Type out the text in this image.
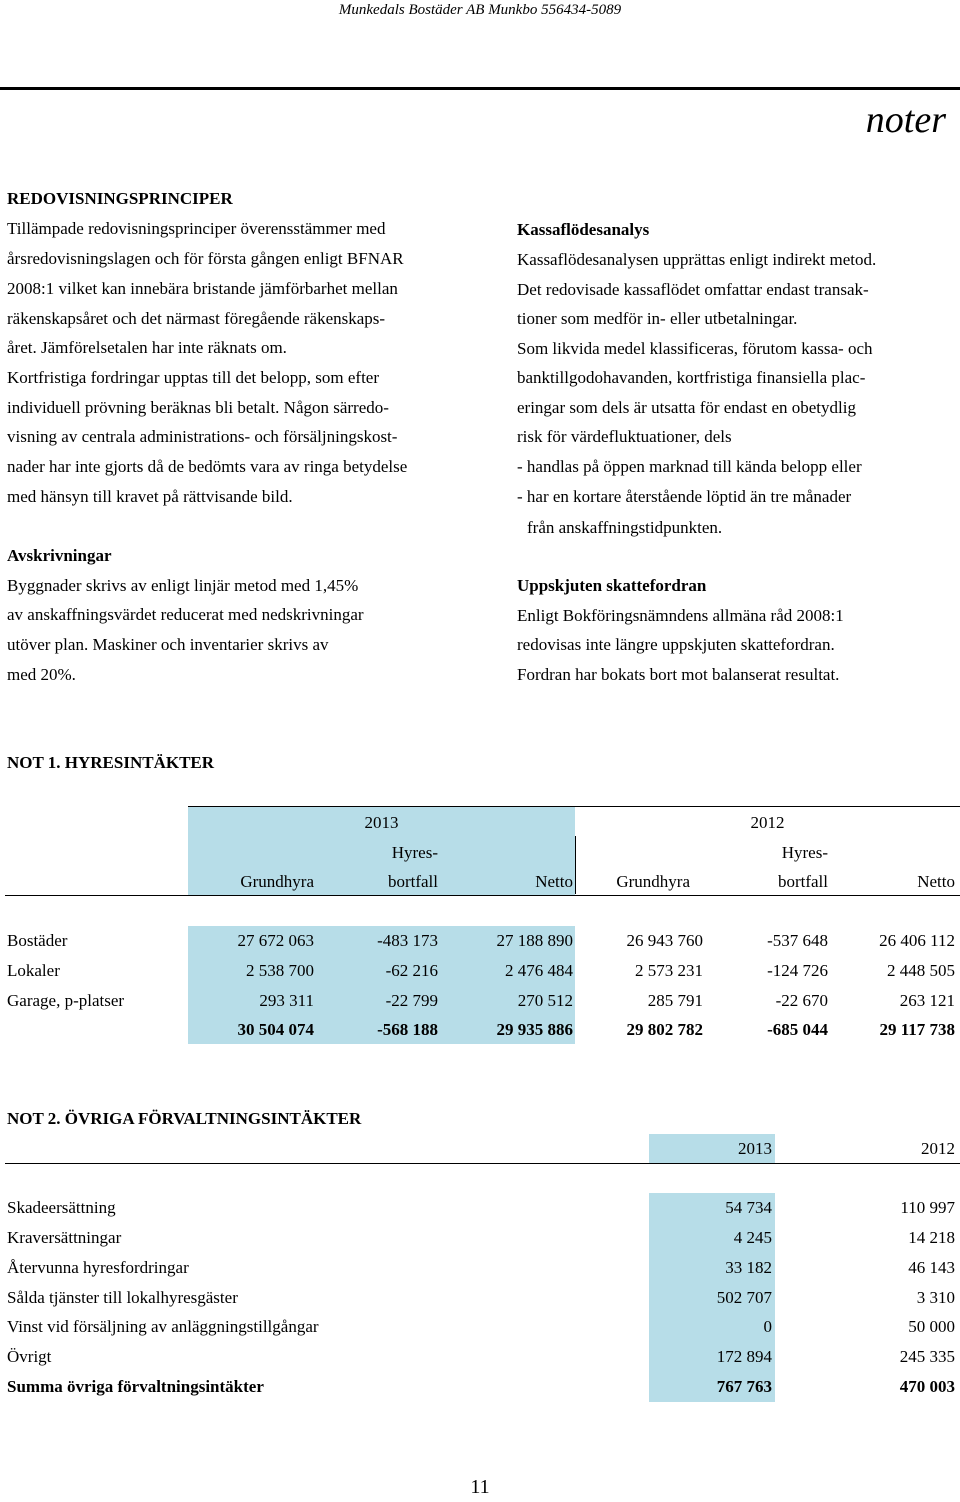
Munkedals Bostäder AB Munkbo 556434-5089
noter
REDOVISNINGSPRINCIPER
Tillämpade redovisningsprinciper överensstämmer med
årsredovisningslagen och för första gången enligt BFNAR
2008:1 vilket kan innebära bristande jämförbarhet mellan
räkenskapsåret och det närmast föregående räkenskaps-
året. Jämförelsetalen har inte räknats om.
Kortfristiga fordringar upptas till det belopp, som efter
individuell prövning beräknas bli betalt. Någon särredo-
visning av centrala administrations- och försäljningskost-
nader har inte gjorts då de bedömts vara av ringa betydelse
med hänsyn till kravet på rättvisande bild.
Avskrivningar
Byggnader skrivs av enligt linjär metod med 1,45%
av anskaffningsvärdet reducerat med nedskrivningar
utöver plan. Maskiner och inventarier skrivs av
med 20%.
Kassaflödesanalys
Kassaflödesanalysen upprättas enligt indirekt metod.
Det redovisade kassaflödet omfattar endast transak-
tioner som medför in- eller utbetalningar.
Som likvida medel klassificeras, förutom kassa- och
banktillgodohavanden, kortfristiga finansiella plac-
eringar som dels är utsatta för endast en obetydlig
risk för värdefluktuationer, dels
- handlas på öppen marknad till kända belopp eller
- har en kortare återstående löptid än tre månader
från anskaffningstidpunkten.
Uppskjuten skattefordran
Enligt Bokföringsnämndens allmäna råd 2008:1
redovisas inte längre uppskjuten skattefordran.
Fordran har bokats bort mot balanserat resultat.
NOT 1. HYRESINTÄKTER
2013	2012
Hyres-	Hyres-
Grundhyra	bortfall	Netto	Grundhyra	bortfall	Netto
Bostäder	27 672 063	-483 173	27 188 890	26 943 760	-537 648	26 406 112
Lokaler	2 538 700	-62 216	2 476 484	2 573 231	-124 726	2 448 505
Garage, p-platser	293 311	-22 799	270 512	285 791	-22 670	263 121
30 504 074	-568 188	29 935 886	29 802 782	-685 044	29 117 738
NOT 2. ÖVRIGA FÖRVALTNINGSINTÄKTER
2013	2012
Skadeersättning	54 734	110 997
Kraversättningar	4 245	14 218
Återvunna hyresfordringar	33 182	46 143
Sålda tjänster till lokalhyresgäster	502 707	3 310
Vinst vid försäljning av anläggningstillgångar	0	50 000
Övrigt	172 894	245 335
Summa övriga förvaltningsintäkter	767 763	470 003
11
